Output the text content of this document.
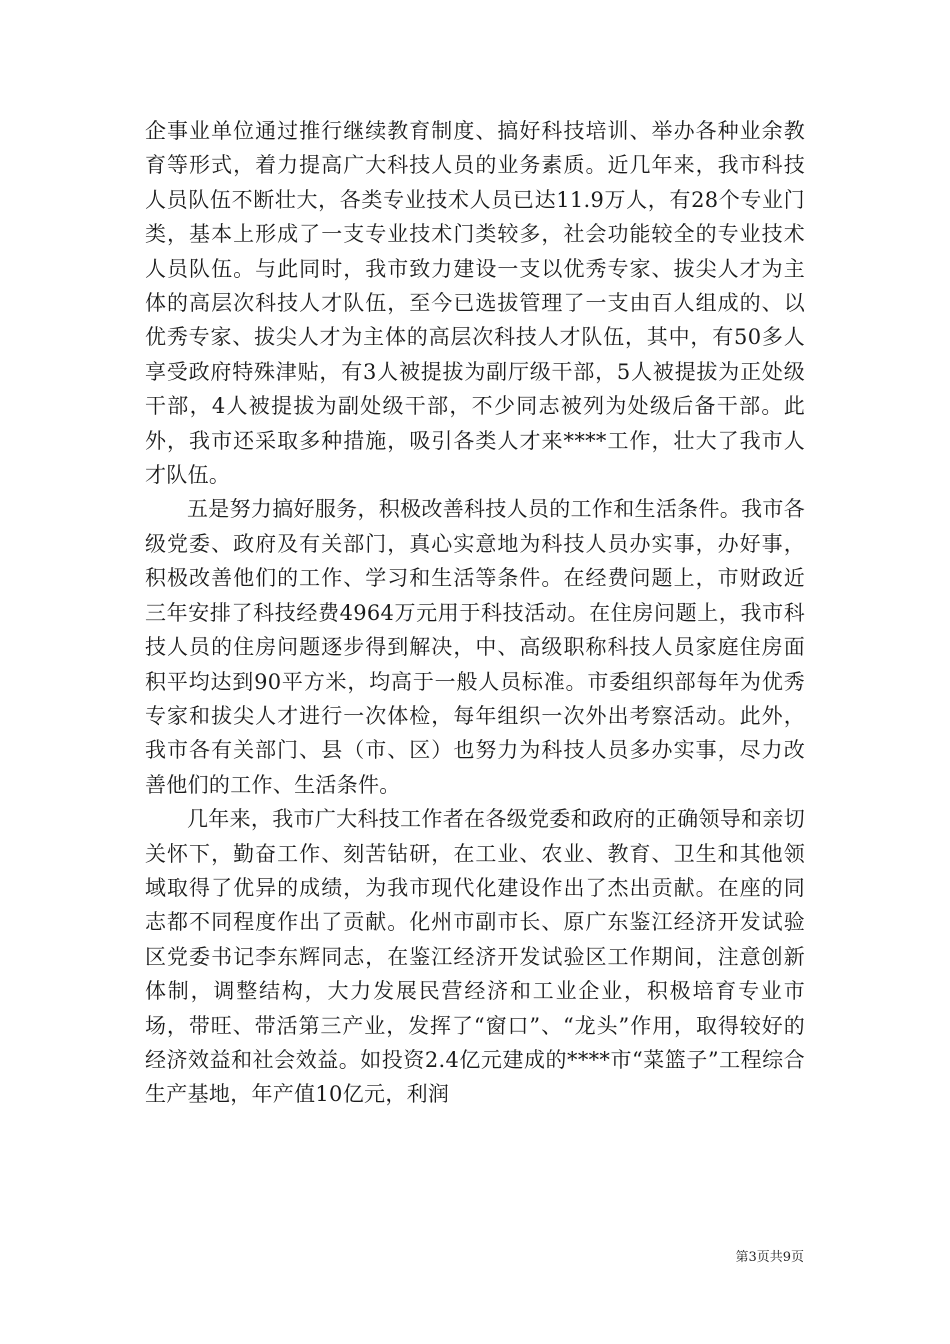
企事业单位通过推行继续教育制度、搞好科技培训、举办各种业余教育等形式，着力提高广大科技人员的业务素质。近几年来，我市科技人员队伍不断壮大，各类专业技术人员已达11.9万人，有28个专业门类，基本上形成了一支专业技术门类较多，社会功能较全的专业技术人员队伍。与此同时，我市致力建设一支以优秀专家、拔尖人才为主体的高层次科技人才队伍，至今已选拔管理了一支由百人组成的、以优秀专家、拔尖人才为主体的高层次科技人才队伍，其中，有50多人享受政府特殊津贴，有3人被提拔为副厅级干部，5人被提拔为正处级干部，4人被提拔为副处级干部，不少同志被列为处级后备干部。此外，我市还采取多种措施，吸引各类人才来****工作，壮大了我市人才队伍。

五是努力搞好服务，积极改善科技人员的工作和生活条件。我市各级党委、政府及有关部门，真心实意地为科技人员办实事，办好事，积极改善他们的工作、学习和生活等条件。在经费问题上，市财政近三年安排了科技经费4964万元用于科技活动。在住房问题上，我市科技人员的住房问题逐步得到解决，中、高级职称科技人员家庭住房面积平均达到90平方米，均高于一般人员标准。市委组织部每年为优秀专家和拔尖人才进行一次体检，每年组织一次外出考察活动。此外，我市各有关部门、县（市、区）也努力为科技人员多办实事，尽力改善他们的工作、生活条件。

几年来，我市广大科技工作者在各级党委和政府的正确领导和亲切关怀下，勤奋工作、刻苦钻研，在工业、农业、教育、卫生和其他领域取得了优异的成绩，为我市现代化建设作出了杰出贡献。在座的同志都不同程度作出了贡献。化州市副市长、原广东鉴江经济开发试验区党委书记李东辉同志，在鉴江经济开发试验区工作期间，注意创新体制，调整结构，大力发展民营经济和工业企业，积极培育专业市场，带旺、带活第三产业，发挥了“窗口”、“龙头”作用，取得较好的经济效益和社会效益。如投资2.4亿元建成的****市“菜篮子”工程综合生产基地，年产值10亿元，利润

第3页共9页
